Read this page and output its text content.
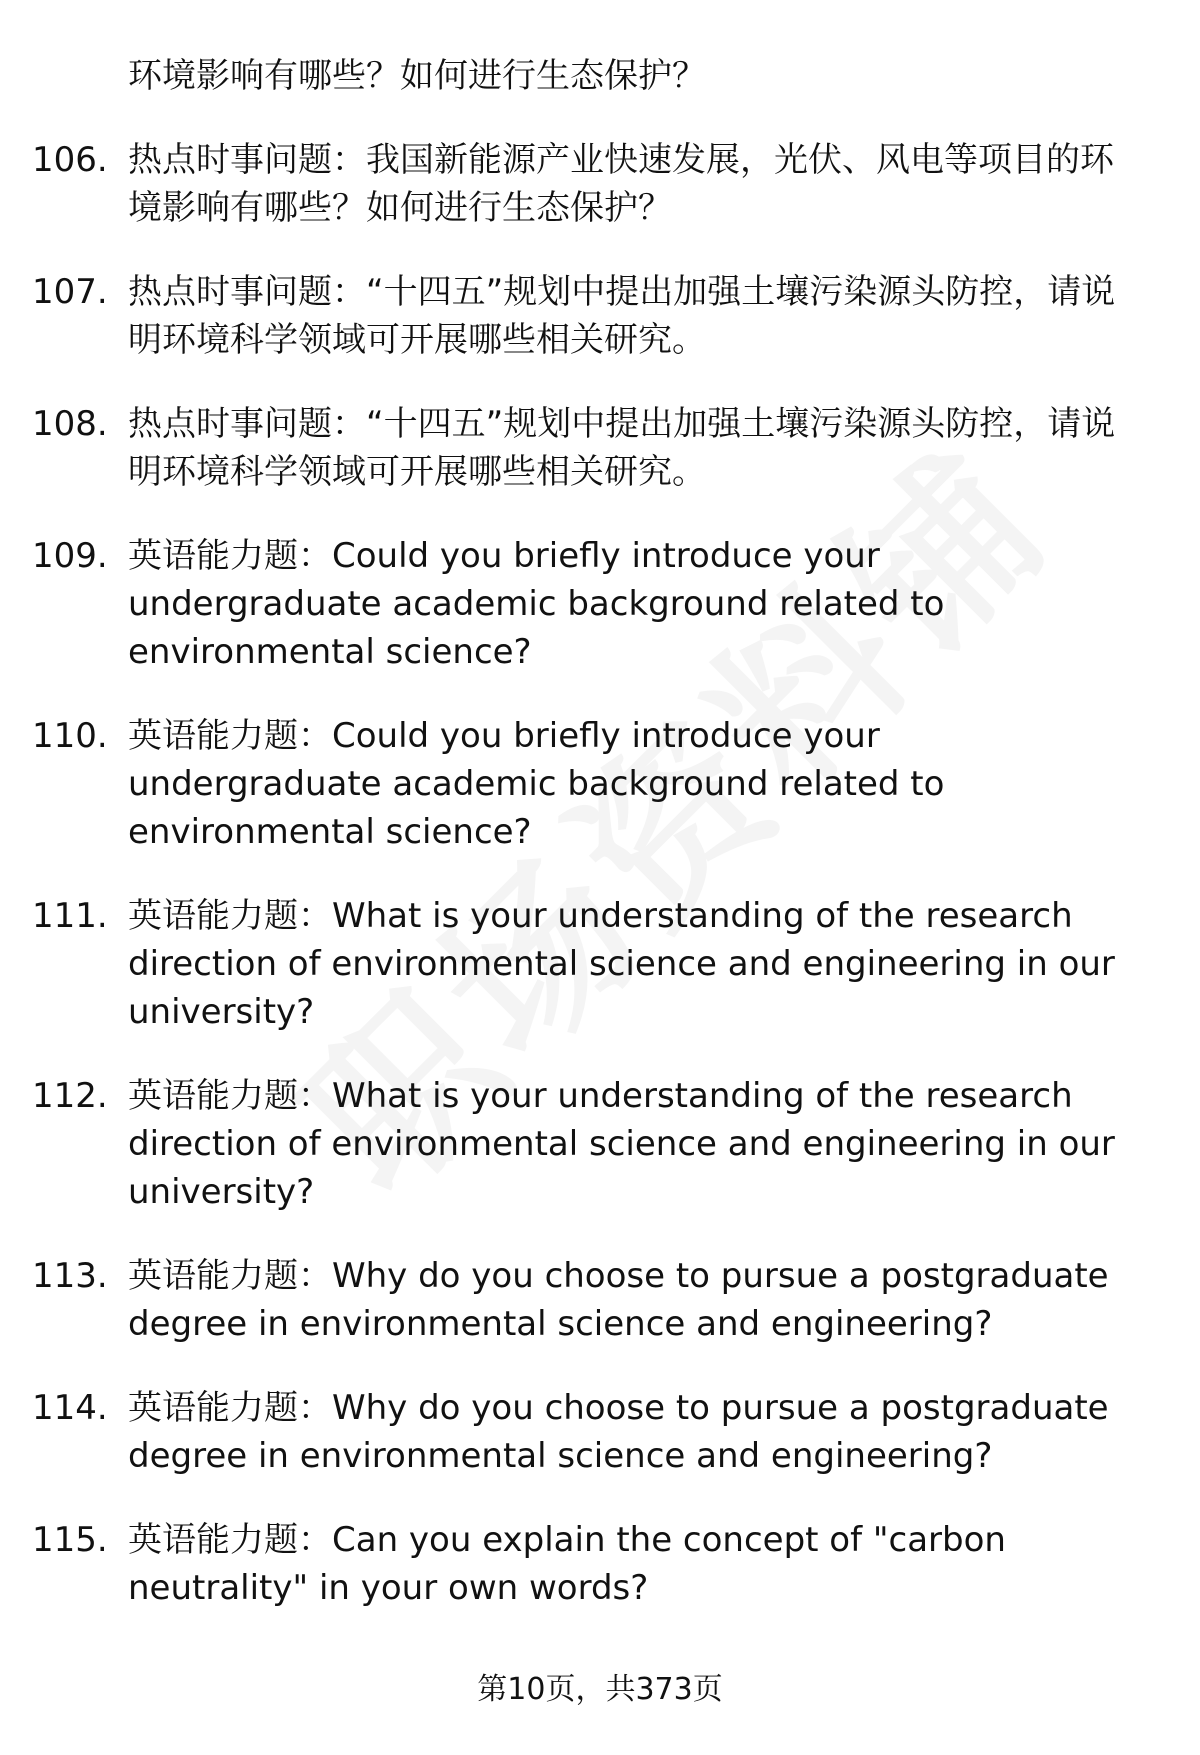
环境影响有哪些？如何进行生态保护？
106. 热点时事问题：我国新能源产业快速发展，光伏、风电等项目的环境影响有哪些？如何进行生态保护？
107. 热点时事问题：“十四五”规划中提出加强土壤污染源头防控，请说明环境科学领域可开展哪些相关研究。
108. 热点时事问题：“十四五”规划中提出加强土壤污染源头防控，请说明环境科学领域可开展哪些相关研究。
109. 英语能力题：Could you briefly introduce your undergraduate academic background related to environmental science?
110. 英语能力题：Could you briefly introduce your undergraduate academic background related to environmental science?
111. 英语能力题：What is your understanding of the research direction of environmental science and engineering in our university?
112. 英语能力题：What is your understanding of the research direction of environmental science and engineering in our university?
113. 英语能力题：Why do you choose to pursue a postgraduate degree in environmental science and engineering?
114. 英语能力题：Why do you choose to pursue a postgraduate degree in environmental science and engineering?
115. 英语能力题：Can you explain the concept of "carbon neutrality" in your own words?
第10页，共373页
